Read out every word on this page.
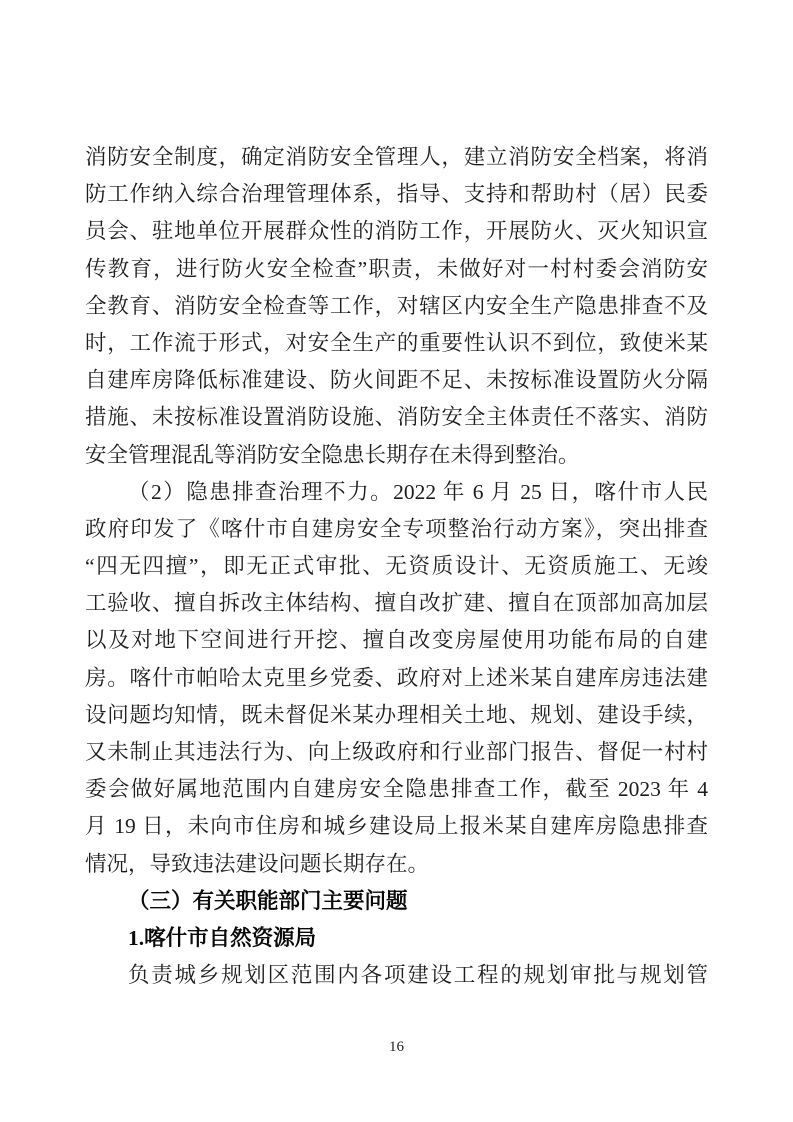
消防安全制度，确定消防安全管理人，建立消防安全档案，将消

防工作纳入综合治理管理体系，指导、支持和帮助村（居）民委

员会、驻地单位开展群众性的消防工作，开展防火、灭火知识宣

传教育，进行防火安全检查”职责，未做好对一村村委会消防安

全教育、消防安全检查等工作，对辖区内安全生产隐患排查不及

时，工作流于形式，对安全生产的重要性认识不到位，致使米某

自建库房降低标准建设、防火间距不足、未按标准设置防火分隔

措施、未按标准设置消防设施、消防安全主体责任不落实、消防

安全管理混乱等消防安全隐患长期存在未得到整治。

（2）隐患排查治理不力。2022 年 6 月 25 日，喀什市人民

政府印发了《喀什市自建房安全专项整治行动方案》，突出排查

“四无四擅”，即无正式审批、无资质设计、无资质施工、无竣

工验收、擅自拆改主体结构、擅自改扩建、擅自在顶部加高加层

以及对地下空间进行开挖、擅自改变房屋使用功能布局的自建

房。喀什市帕哈太克里乡党委、政府对上述米某自建库房违法建

设问题均知情，既未督促米某办理相关土地、规划、建设手续，

又未制止其违法行为、向上级政府和行业部门报告、督促一村村

委会做好属地范围内自建房安全隐患排查工作，截至 2023 年 4

月 19 日，未向市住房和城乡建设局上报米某自建库房隐患排查

情况，导致违法建设问题长期存在。

（三）有关职能部门主要问题

1.喀什市自然资源局

负责城乡规划区范围内各项建设工程的规划审批与规划管

16
